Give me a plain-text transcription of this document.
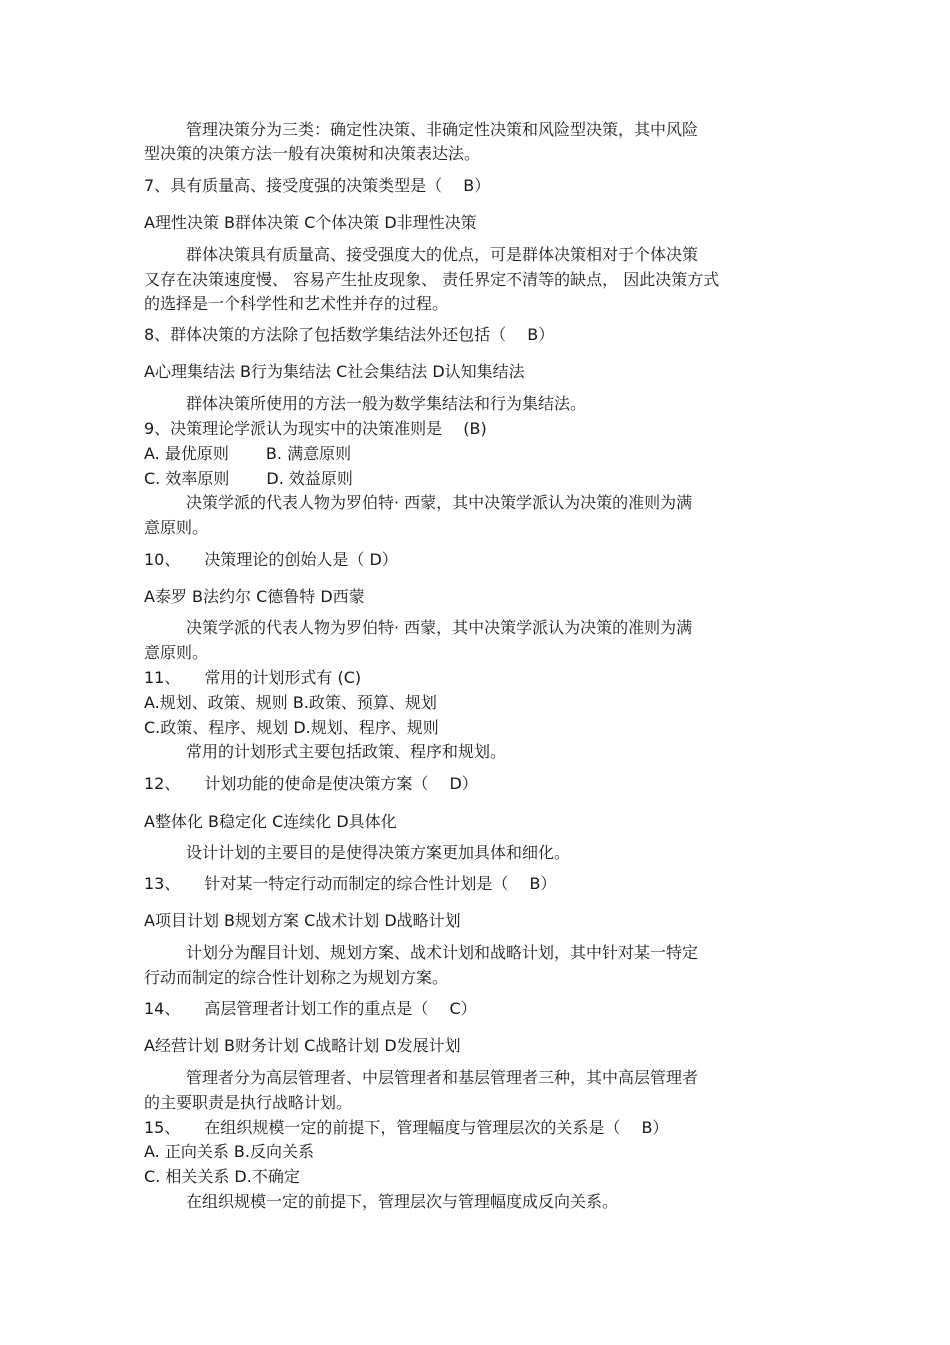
管理决策分为三类：确定性决策、非确定性决策和风险型决策，其中风险
型决策的决策方法一般有决策树和决策表达法。
7、具有质量高、接受度强的决策类型是（　 B）
A理性决策 B群体决策 C个体决策 D非理性决策
群体决策具有质量高、接受强度大的优点，可是群体决策相对于个体决策
又存在决策速度慢、 容易产生扯皮现象、 责任界定不清等的缺点， 因此决策方式
的选择是一个科学性和艺术性并存的过程。
8、群体决策的方法除了包括数学集结法外还包括（　 B）
A心理集结法 B行为集结法 C社会集结法 D认知集结法
群体决策所使用的方法一般为数学集结法和行为集结法。
9、决策理论学派认为现实中的决策准则是　 (B)
A. 最优原则　　 B. 满意原则
C. 效率原则　　 D. 效益原则
决策学派的代表人物为罗伯特· 西蒙，其中决策学派认为决策的准则为满
意原则。
10、　　决策理论的创始人是（ D）
A泰罗 B法约尔 C德鲁特 D西蒙
决策学派的代表人物为罗伯特· 西蒙，其中决策学派认为决策的准则为满
意原则。
11、　　常用的计划形式有 (C)
A.规划、政策、规则 B.政策、预算、规划
C.政策、程序、规划 D.规划、程序、规则
常用的计划形式主要包括政策、程序和规划。
12、　　计划功能的使命是使决策方案（　 D）
A整体化 B稳定化 C连续化 D具体化
设计计划的主要目的是使得决策方案更加具体和细化。
13、　　针对某一特定行动而制定的综合性计划是（　 B）
A项目计划 B规划方案 C战术计划 D战略计划
计划分为醒目计划、规划方案、战术计划和战略计划，其中针对某一特定
行动而制定的综合性计划称之为规划方案。
14、　　高层管理者计划工作的重点是（　 C）
A经营计划 B财务计划 C战略计划 D发展计划
管理者分为高层管理者、中层管理者和基层管理者三种，其中高层管理者
的主要职责是执行战略计划。
15、　　在组织规模一定的前提下，管理幅度与管理层次的关系是（　 B）
A. 正向关系 B.反向关系
C. 相关关系 D.不确定
在组织规模一定的前提下，管理层次与管理幅度成反向关系。
